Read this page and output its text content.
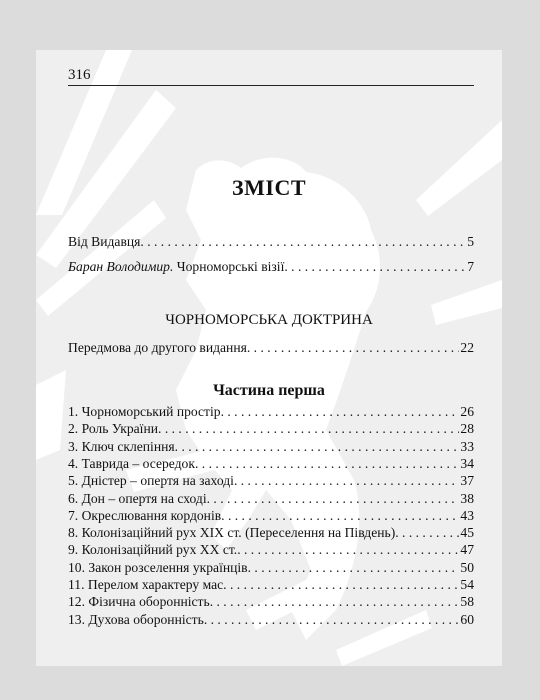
316
ЗМІСТ
Від Видавця . . .	5
Баран Володимир. Чорноморські візії . . .	7
ЧОРНОМОРСЬКА ДОКТРИНА
Передмова до другого видання . . .	22
Частина перша
1. Чорноморський простір . . .	26
2. Роль України . . .	28
3. Ключ склепіння . . .	33
4. Таврида – осередок . . .	34
5. Дністер – опертя на заході . . .	37
6. Дон – опертя на сході . . .	38
7. Окреслювання кордонів . . .	43
8. Колонізаційний рух XIX ст. (Переселення на Південь) . . .	45
9. Колонізаційний рух XX ст. . . .	47
10. Закон розселення українців . . .	50
11. Перелом характеру мас . . .	54
12. Фізична оборонність . . .	58
13. Духова оборонність . . .	60
